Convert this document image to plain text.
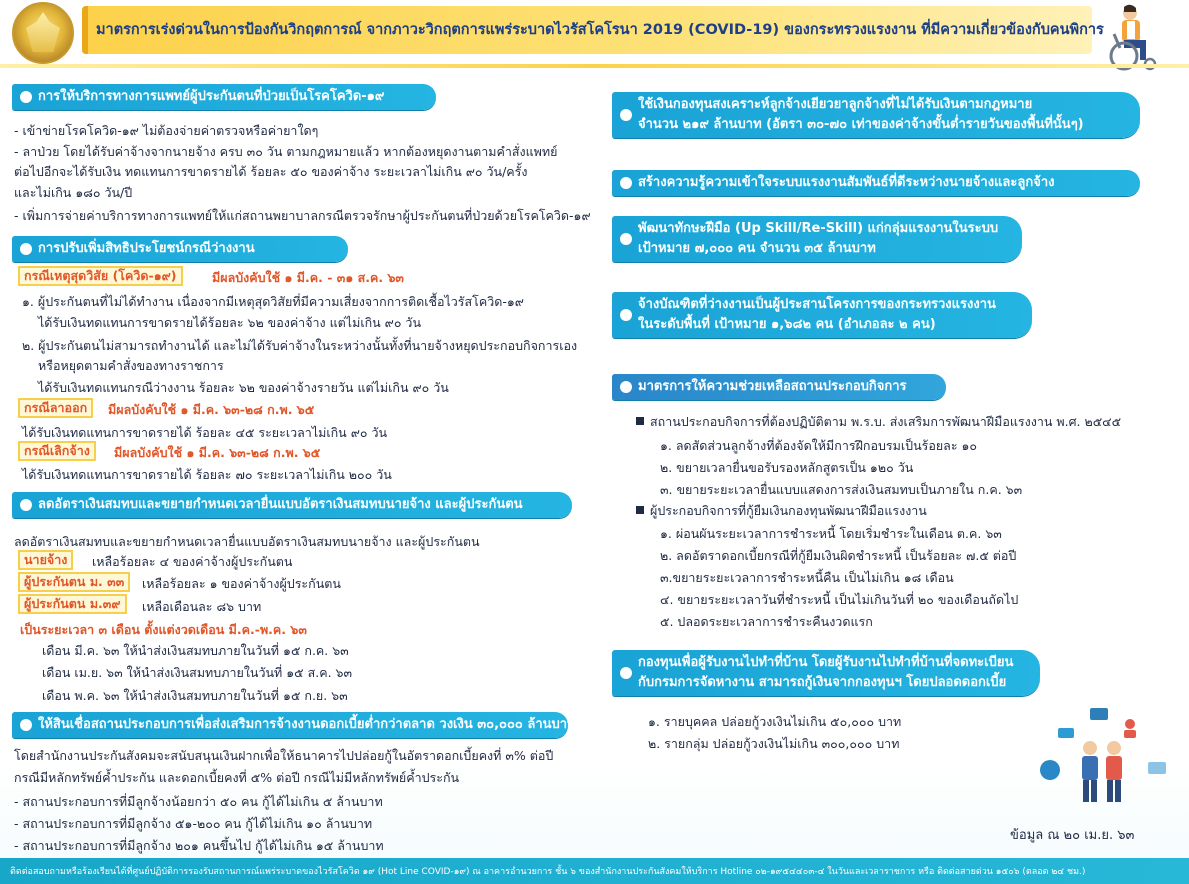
มาตรการเร่งด่วนในการป้องกันวิกฤตการณ์ จากภาวะวิกฤตการแพร่ระบาดไวรัสโคโรนา 2019 (COVID-19) ของกระทรวงแรงงาน ที่มีความเกี่ยวข้องกับคนพิการ
การให้บริการทางการแพทย์ผู้ประกันตนที่ป่วยเป็นโรคโควิด-๑๙
- เข้าข่ายโรคโควิด-๑๙ ไม่ต้องจ่ายค่าตรวจหรือค่ายาใดๆ
- ลาป่วย โดยได้รับค่าจ้างจากนายจ้าง ครบ ๓๐ วัน ตามกฎหมายแล้ว หากต้องหยุดงานตามคำสั่งแพทย์
ต่อไปอีกจะได้รับเงิน ทดแทนการขาดรายได้ ร้อยละ ๕๐ ของค่าจ้าง ระยะเวลาไม่เกิน ๙๐ วัน/ครั้ง
และไม่เกิน ๑๘๐ วัน/ปี
- เพิ่มการจ่ายค่าบริการทางการแพทย์ให้แก่สถานพยาบาลกรณีตรวจรักษาผู้ประกันตนที่ป่วยด้วยโรคโควิด-๑๙
การปรับเพิ่มสิทธิประโยชน์กรณีว่างงาน
กรณีเหตุสุดวิสัย (โควิด-๑๙)	มีผลบังคับใช้ ๑ มี.ค. - ๓๑ ส.ค. ๖๓
๑. ผู้ประกันตนที่ไม่ได้ทำงาน เนื่องจากมีเหตุสุดวิสัยที่มีความเสี่ยงจากการติดเชื้อไวรัสโควิด-๑๙
ได้รับเงินทดแทนการขาดรายได้ร้อยละ ๖๒ ของค่าจ้าง แต่ไม่เกิน ๙๐ วัน
๒. ผู้ประกันตนไม่สามารถทำงานได้ และไม่ได้รับค่าจ้างในระหว่างนั้นทั้งที่นายจ้างหยุดประกอบกิจการเอง
หรือหยุดตามคำสั่งของทางราชการ
ได้รับเงินทดแทนกรณีว่างงาน ร้อยละ ๖๒ ของค่าจ้างรายวัน แต่ไม่เกิน ๙๐ วัน
กรณีลาออก	มีผลบังคับใช้ ๑ มี.ค. ๖๓-๒๘ ก.พ. ๖๕
ได้รับเงินทดแทนการขาดรายได้ ร้อยละ ๔๕ ระยะเวลาไม่เกิน ๙๐ วัน
กรณีเลิกจ้าง	มีผลบังคับใช้ ๑ มี.ค. ๖๓-๒๘ ก.พ. ๖๕
ได้รับเงินทดแทนการขาดรายได้ ร้อยละ ๗๐ ระยะเวลาไม่เกิน ๒๐๐ วัน
ลดอัตราเงินสมทบและขยายกำหนดเวลายื่นแบบอัตราเงินสมทบนายจ้าง และผู้ประกันตน
ลดอัตราเงินสมทบและขยายกำหนดเวลายื่นแบบอัตราเงินสมทบนายจ้าง และผู้ประกันตน
นายจ้าง	เหลือร้อยละ ๔ ของค่าจ้างผู้ประกันตน
ผู้ประกันตน ม. ๓๓	เหลือร้อยละ ๑ ของค่าจ้างผู้ประกันตน
ผู้ประกันตน ม.๓๙	เหลือเดือนละ ๘๖ บาท
เป็นระยะเวลา ๓ เดือน ตั้งแต่งวดเดือน มี.ค.-พ.ค. ๖๓
เดือน มี.ค. ๖๓ ให้นำส่งเงินสมทบภายในวันที่ ๑๕ ก.ค. ๖๓
เดือน เม.ย. ๖๓ ให้นำส่งเงินสมทบภายในวันที่ ๑๕ ส.ค. ๖๓
เดือน พ.ค. ๖๓ ให้นำส่งเงินสมทบภายในวันที่ ๑๕ ก.ย. ๖๓
ให้สินเชื่อสถานประกอบการเพื่อส่งเสริมการจ้างงานดอกเบี้ยต่ำกว่าตลาด วงเงิน ๓๐,๐๐๐ ล้านบาท
โดยสำนักงานประกันสังคมจะสนับสนุนเงินฝากเพื่อให้ธนาคารไปปล่อยกู้ในอัตราดอกเบี้ยคงที่ ๓% ต่อปี
กรณีมีหลักทรัพย์ค้ำประกัน และดอกเบี้ยคงที่ ๕% ต่อปี กรณีไม่มีหลักทรัพย์ค้ำประกัน
- สถานประกอบการที่มีลูกจ้างน้อยกว่า ๕๐ คน กู้ได้ไม่เกิน ๕ ล้านบาท
- สถานประกอบการที่มีลูกจ้าง ๕๑-๒๐๐ คน กู้ได้ไม่เกิน ๑๐ ล้านบาท
- สถานประกอบการที่มีลูกจ้าง ๒๐๑ คนขึ้นไป กู้ได้ไม่เกิน ๑๕ ล้านบาท
ใช้เงินกองทุนสงเคราะห์ลูกจ้างเยียวยาลูกจ้างที่ไม่ได้รับเงินตามกฎหมาย
จำนวน ๒๑๙ ล้านบาท (อัตรา ๓๐-๗๐ เท่าของค่าจ้างขั้นต่ำรายวันของพื้นที่นั้นๆ)
สร้างความรู้ความเข้าใจระบบแรงงานสัมพันธ์ที่ดีระหว่างนายจ้างและลูกจ้าง
พัฒนาทักษะฝีมือ (Up Skill/Re-Skill) แก่กลุ่มแรงงานในระบบ
เป้าหมาย ๗,๐๐๐ คน จำนวน ๓๕ ล้านบาท
จ้างบัณฑิตที่ว่างงานเป็นผู้ประสานโครงการของกระทรวงแรงงาน
ในระดับพื้นที่ เป้าหมาย ๑,๖๘๒ คน (อำเภอละ ๒ คน)
มาตรการให้ความช่วยเหลือสถานประกอบกิจการ
สถานประกอบกิจการที่ต้องปฏิบัติตาม พ.ร.บ. ส่งเสริมการพัฒนาฝีมือแรงงาน พ.ศ. ๒๕๔๕
๑. ลดสัดส่วนลูกจ้างที่ต้องจัดให้มีการฝึกอบรมเป็นร้อยละ ๑๐
๒. ขยายเวลายื่นขอรับรองหลักสูตรเป็น ๑๒๐ วัน
๓. ขยายระยะเวลายื่นแบบแสดงการส่งเงินสมทบเป็นภายใน ก.ค. ๖๓
ผู้ประกอบกิจการที่กู้ยืมเงินกองทุนพัฒนาฝีมือแรงงาน
๑. ผ่อนผันระยะเวลาการชำระหนี้ โดยเริ่มชำระในเดือน ต.ค. ๖๓
๒. ลดอัตราดอกเบี้ยกรณีที่กู้ยืมเงินผิดชำระหนี้ เป็นร้อยละ ๗.๕ ต่อปี
๓.ขยายระยะเวลาการชำระหนี้คืน เป็นไม่เกิน ๑๘ เดือน
๔. ขยายระยะเวลาวันที่ชำระหนี้ เป็นไม่เกินวันที่ ๒๐ ของเดือนถัดไป
๕. ปลอดระยะเวลาการชำระคืนงวดแรก
กองทุนเพื่อผู้รับงานไปทำที่บ้าน โดยผู้รับงานไปทำที่บ้านที่จดทะเบียน
กับกรมการจัดหางาน สามารถกู้เงินจากกองทุนฯ โดยปลอดดอกเบี้ย
๑. รายบุคคล ปล่อยกู้วงเงินไม่เกิน ๕๐,๐๐๐ บาท
๒. รายกลุ่ม ปล่อยกู้วงเงินไม่เกิน ๓๐๐,๐๐๐ บาท
ข้อมูล ณ ๒๐ เม.ย. ๖๓
ติดต่อสอบถามหรือร้องเรียนได้ที่ศูนย์ปฏิบัติการรองรับสถานการณ์แพร่ระบาดของไวรัสโควิด ๑๙ (Hot Line COVID-๑๙) ณ อาคารอำนวยการ ชั้น ๖ ของสำนักงานประกันสังคมให้บริการ Hotline ๐๒-๑๙๕๔๔๐๓-๔ ในวันและเวลาราชการ หรือ ติดต่อสายด่วน ๑๕๐๖ (ตลอด ๒๔ ชม.)
